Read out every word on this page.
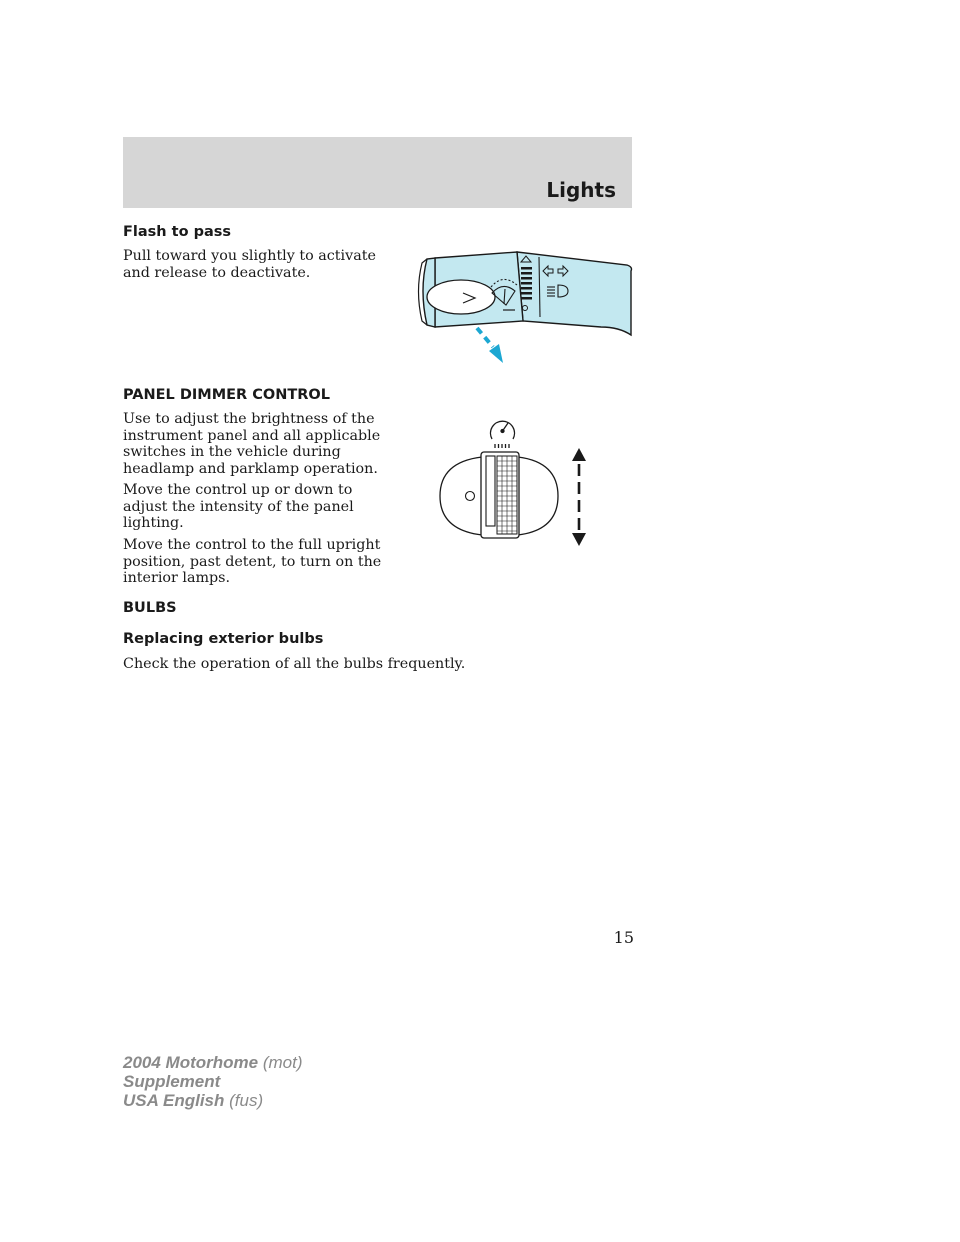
Lights
Flash to pass
Pull toward you slightly to activate
and release to deactivate.
PANEL DIMMER CONTROL
Use to adjust the brightness of the
instrument panel and all applicable
switches in the vehicle during
headlamp and parklamp operation.
Move the control up or down to
adjust the intensity of the panel
lighting.
Move the control to the full upright
position, past detent, to turn on the
interior lamps.
BULBS
Replacing exterior bulbs
Check the operation of all the bulbs frequently.
15
2004 Motorhome (mot)
Supplement
USA English (fus)
